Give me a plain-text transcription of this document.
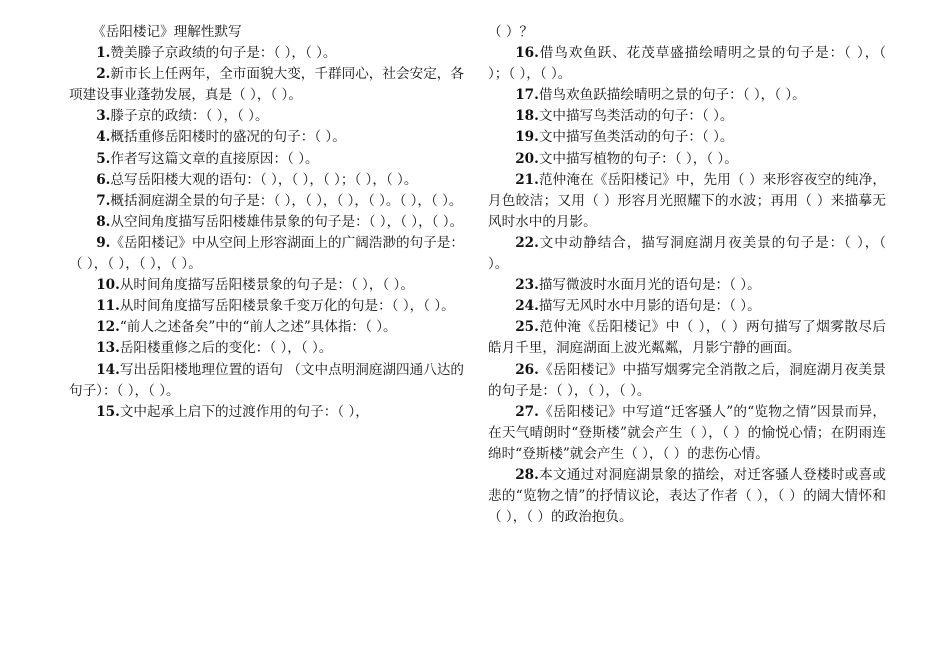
《岳阳楼记》理解性默写

1.赞美滕子京政绩的句子是：（ ），（ ）。

2.新市长上任两年，全市面貌大变，千群同心，社会安定，各项建设事业蓬勃发展，真是（ ），（ ）。

3.滕子京的政绩：（ ），（ ）。

4.概括重修岳阳楼时的盛况的句子：（ ）。

5.作者写这篇文章的直接原因：（ ）。

6.总写岳阳楼大观的语句：（ ），（ ），（ ）；（ ），（ ）。

7.概括洞庭湖全景的句子是：（ ），（ ），（ ），（ ）。（ ），（ ）。

8.从空间角度描写岳阳楼雄伟景象的句子是：（ ），（ ），（ ）。

9.《岳阳楼记》中从空间上形容湖面上的广阔浩渺的句子是：（ ），（ ），（ ），（ ）。

10.从时间角度描写岳阳楼景象的句子是：（ ），（ ）。

11.从时间角度描写岳阳楼景象千变万化的句是：（ ），（ ）。

12.“前人之述备矣”中的“前人之述”具体指：（ ）。

13.岳阳楼重修之后的变化：（ ），（ ）。

14.写出岳阳楼地理位置的语句 （文中点明洞庭湖四通八达的句子）：（ ），（ ）。

15.文中起承上启下的过渡作用的句子：（ ），

（ ）？

16.借鸟欢鱼跃、花茂草盛描绘晴明之景的句子是：（ ），（ ）；（ ），（ ）。

17.借鸟欢鱼跃描绘晴明之景的句子：（ ），（ ）。

18.文中描写鸟类活动的句子：（ ）。

19.文中描写鱼类活动的句子：（ ）。

20.文中描写植物的句子：（ ），（ ）。

21.范仲淹在《岳阳楼记》中，先用（ ）来形容夜空的纯净， 月色皎洁；又用（ ）形容月光照耀下的水波；再用（ ）来描摹无风时水中的月影。

22.文中动静结合，描写洞庭湖月夜美景的句子是：（ ），（ ）。

23.描写微波时水面月光的语句是：（ ）。

24.描写无风时水中月影的语句是：（ ）。

25.范仲淹《岳阳楼记》中（ ），（ ）两句描写了烟雾散尽后皓月千里，洞庭湖面上波光粼粼，月影宁静的画面。

26.《岳阳楼记》中描写烟雾完全消散之后，洞庭湖月夜美景的句子是：（ ），（ ），（ ）。

27.《岳阳楼记》中写道“迁客骚人”的“览物之情”因景而异，在天气晴朗时“登斯楼”就会产生（ ），（ ）的愉悦心情；在阴雨连绵时“登斯楼”就会产生（ ），（ ）的悲伤心情。

28.本文通过对洞庭湖景象的描绘，对迁客骚人登楼时或喜或悲的“览物之情”的抒情议论，表达了作者（ ），（ ）的阔大情怀和（ ），（ ）的政治抱负。
